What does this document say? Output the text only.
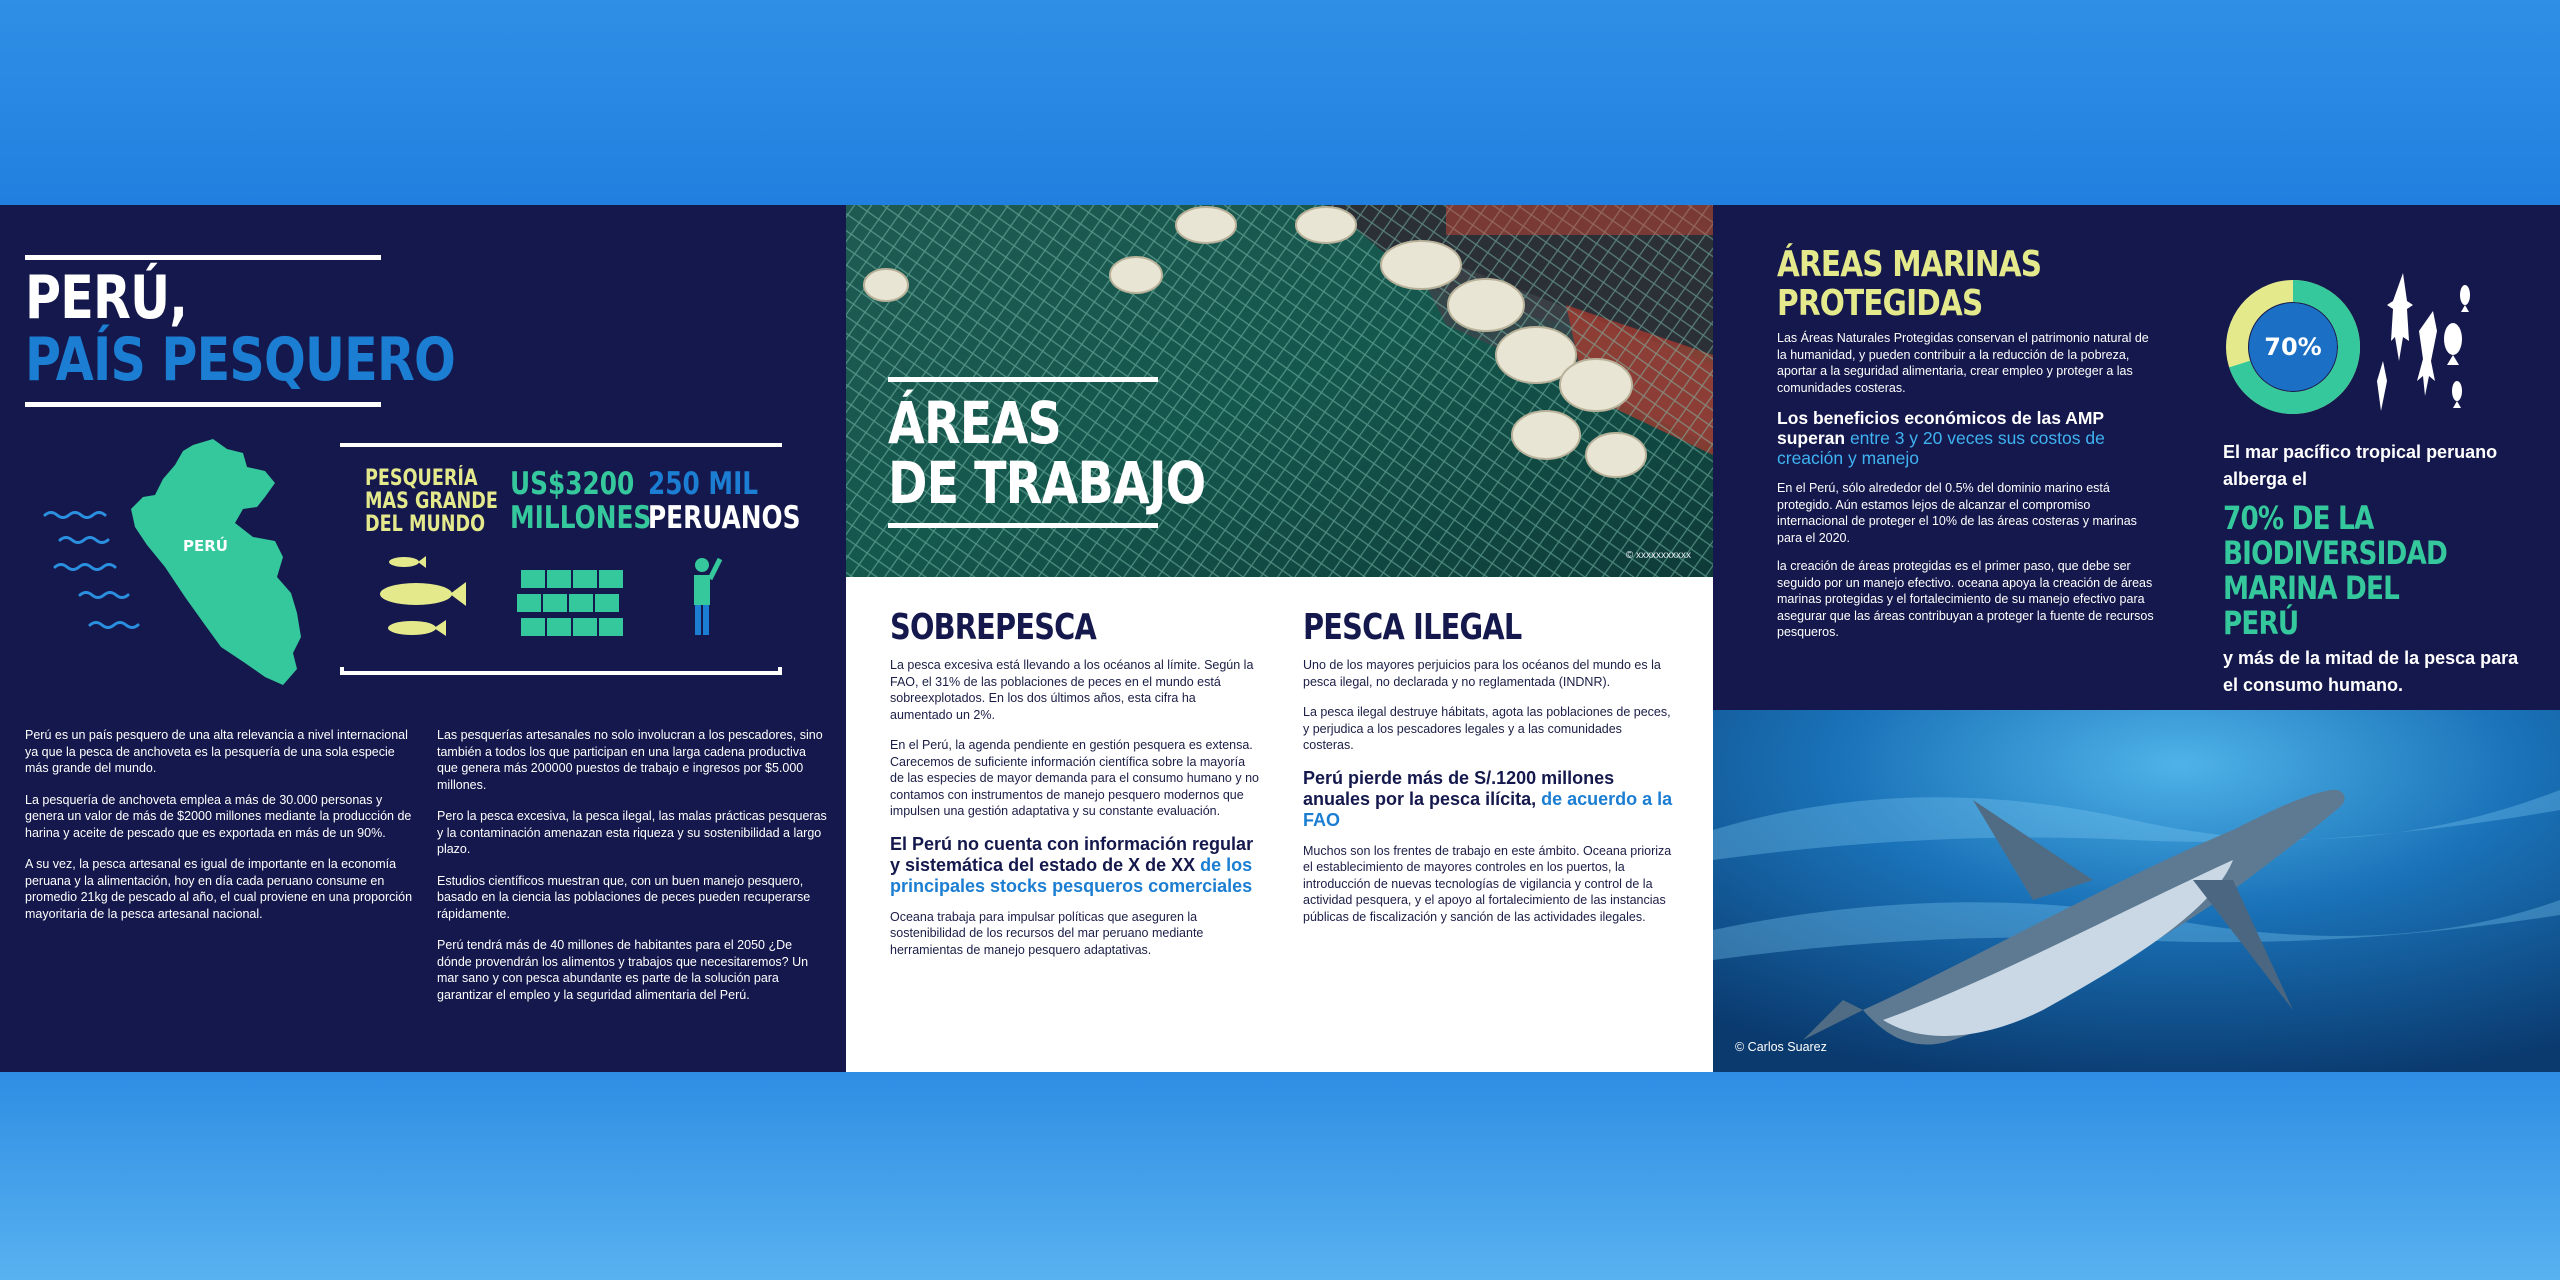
PERÚ,
PAÍS PESQUERO
PERÚ
PESQUERÍA
MAS GRANDE
DEL MUNDO
US$3200
MILLONES
250 MIL
PERUANOS

Perú es un país pesquero de una alta relevancia a nivel internacional ya que la pesca de anchoveta es la pesquería de una sola especie más grande del mundo.

La pesquería de anchoveta emplea a más de 30.000 personas y genera un valor de más de $2000 millones mediante la producción de harina y aceite de pescado que es exportada en más de un 90%.

A su vez, la pesca artesanal es igual de importante en la economía peruana y la alimentación, hoy en día cada peruano consume en promedio 21kg de pescado al año, el cual proviene en una proporción mayoritaria de la pesca artesanal nacional.

Las pesquerías artesanales no solo involucran a los pescadores, sino también a todos los que participan en una larga cadena productiva que genera más 200000 puestos de trabajo e ingresos por $5.000 millones.

Pero la pesca excesiva, la pesca ilegal, las malas prácticas pesqueras y la contaminación amenazan esta riqueza y su sostenibilidad a largo plazo.

Estudios científicos muestran que, con un buen manejo pesquero, basado en la ciencia las poblaciones de peces pueden recuperarse rápidamente.

Perú tendrá más de 40 millones de habitantes para el 2050 ¿De dónde provendrán los alimentos y trabajos que necesitaremos? Un mar sano y con pesca abundante es parte de la solución para garantizar el empleo y la seguridad alimentaria del Perú.

ÁREAS
DE TRABAJO
© xxxxxxxxxxx
SOBREPESCA

La pesca excesiva está llevando a los océanos al límite. Según la FAO, el 31% de las poblaciones de peces en el mundo está sobreexplotados. En los dos últimos años, esta cifra ha aumentado un 2%.

En el Perú, la agenda pendiente en gestión pesquera es extensa. Carecemos de suficiente información científica sobre la mayoría de las especies de mayor demanda para el consumo humano y no contamos con instrumentos de manejo pesquero modernos que impulsen una gestión adaptativa y su constante evaluación.

El Perú no cuenta con información regular y sistemática del estado de X de XX de los principales stocks pesqueros comerciales

Oceana trabaja para impulsar políticas que aseguren la sostenibilidad de los recursos del mar peruano mediante herramientas de manejo pesquero adaptativas.

PESCA ILEGAL

Uno de los mayores perjuicios para los océanos del mundo es la pesca ilegal, no declarada y no reglamentada (INDNR).

La pesca ilegal destruye hábitats, agota las poblaciones de peces, y perjudica a los pescadores legales y a las comunidades costeras.

Perú pierde más de S/.1200 millones anuales por la pesca ilícita, de acuerdo a la FAO

Muchos son los frentes de trabajo en este ámbito. Oceana prioriza el establecimiento de mayores controles en los puertos, la introducción de nuevas tecnologías de vigilancia y control de la actividad pesquera, y el apoyo al fortalecimiento de las instancias públicas de fiscalización y sanción de las actividades ilegales.

ÁREAS MARINAS
PROTEGIDAS

Las Áreas Naturales Protegidas conservan el patrimonio natural de la humanidad, y pueden contribuir a la reducción de la pobreza, aportar a la seguridad alimentaria, crear empleo y proteger a las comunidades costeras.

Los beneficios económicos de las AMP superan entre 3 y 20 veces sus costos de creación y manejo

En el Perú, sólo alrededor del 0.5% del dominio marino está protegido. Aún estamos lejos de alcanzar el compromiso internacional de proteger el 10% de las áreas costeras y marinas para el 2020.

la creación de áreas protegidas es el primer paso, que debe ser seguido por un manejo efectivo. oceana apoya la creación de áreas marinas protegidas y el fortalecimiento de su manejo efectivo para asegurar que las áreas contribuyan a proteger la fuente de recursos pesqueros.

70%

El mar pacífico tropical peruano alberga el

70% DE LA
BIODIVERSIDAD
MARINA DEL PERÚ

y más de la mitad de la pesca para el consumo humano.

© Carlos Suarez
